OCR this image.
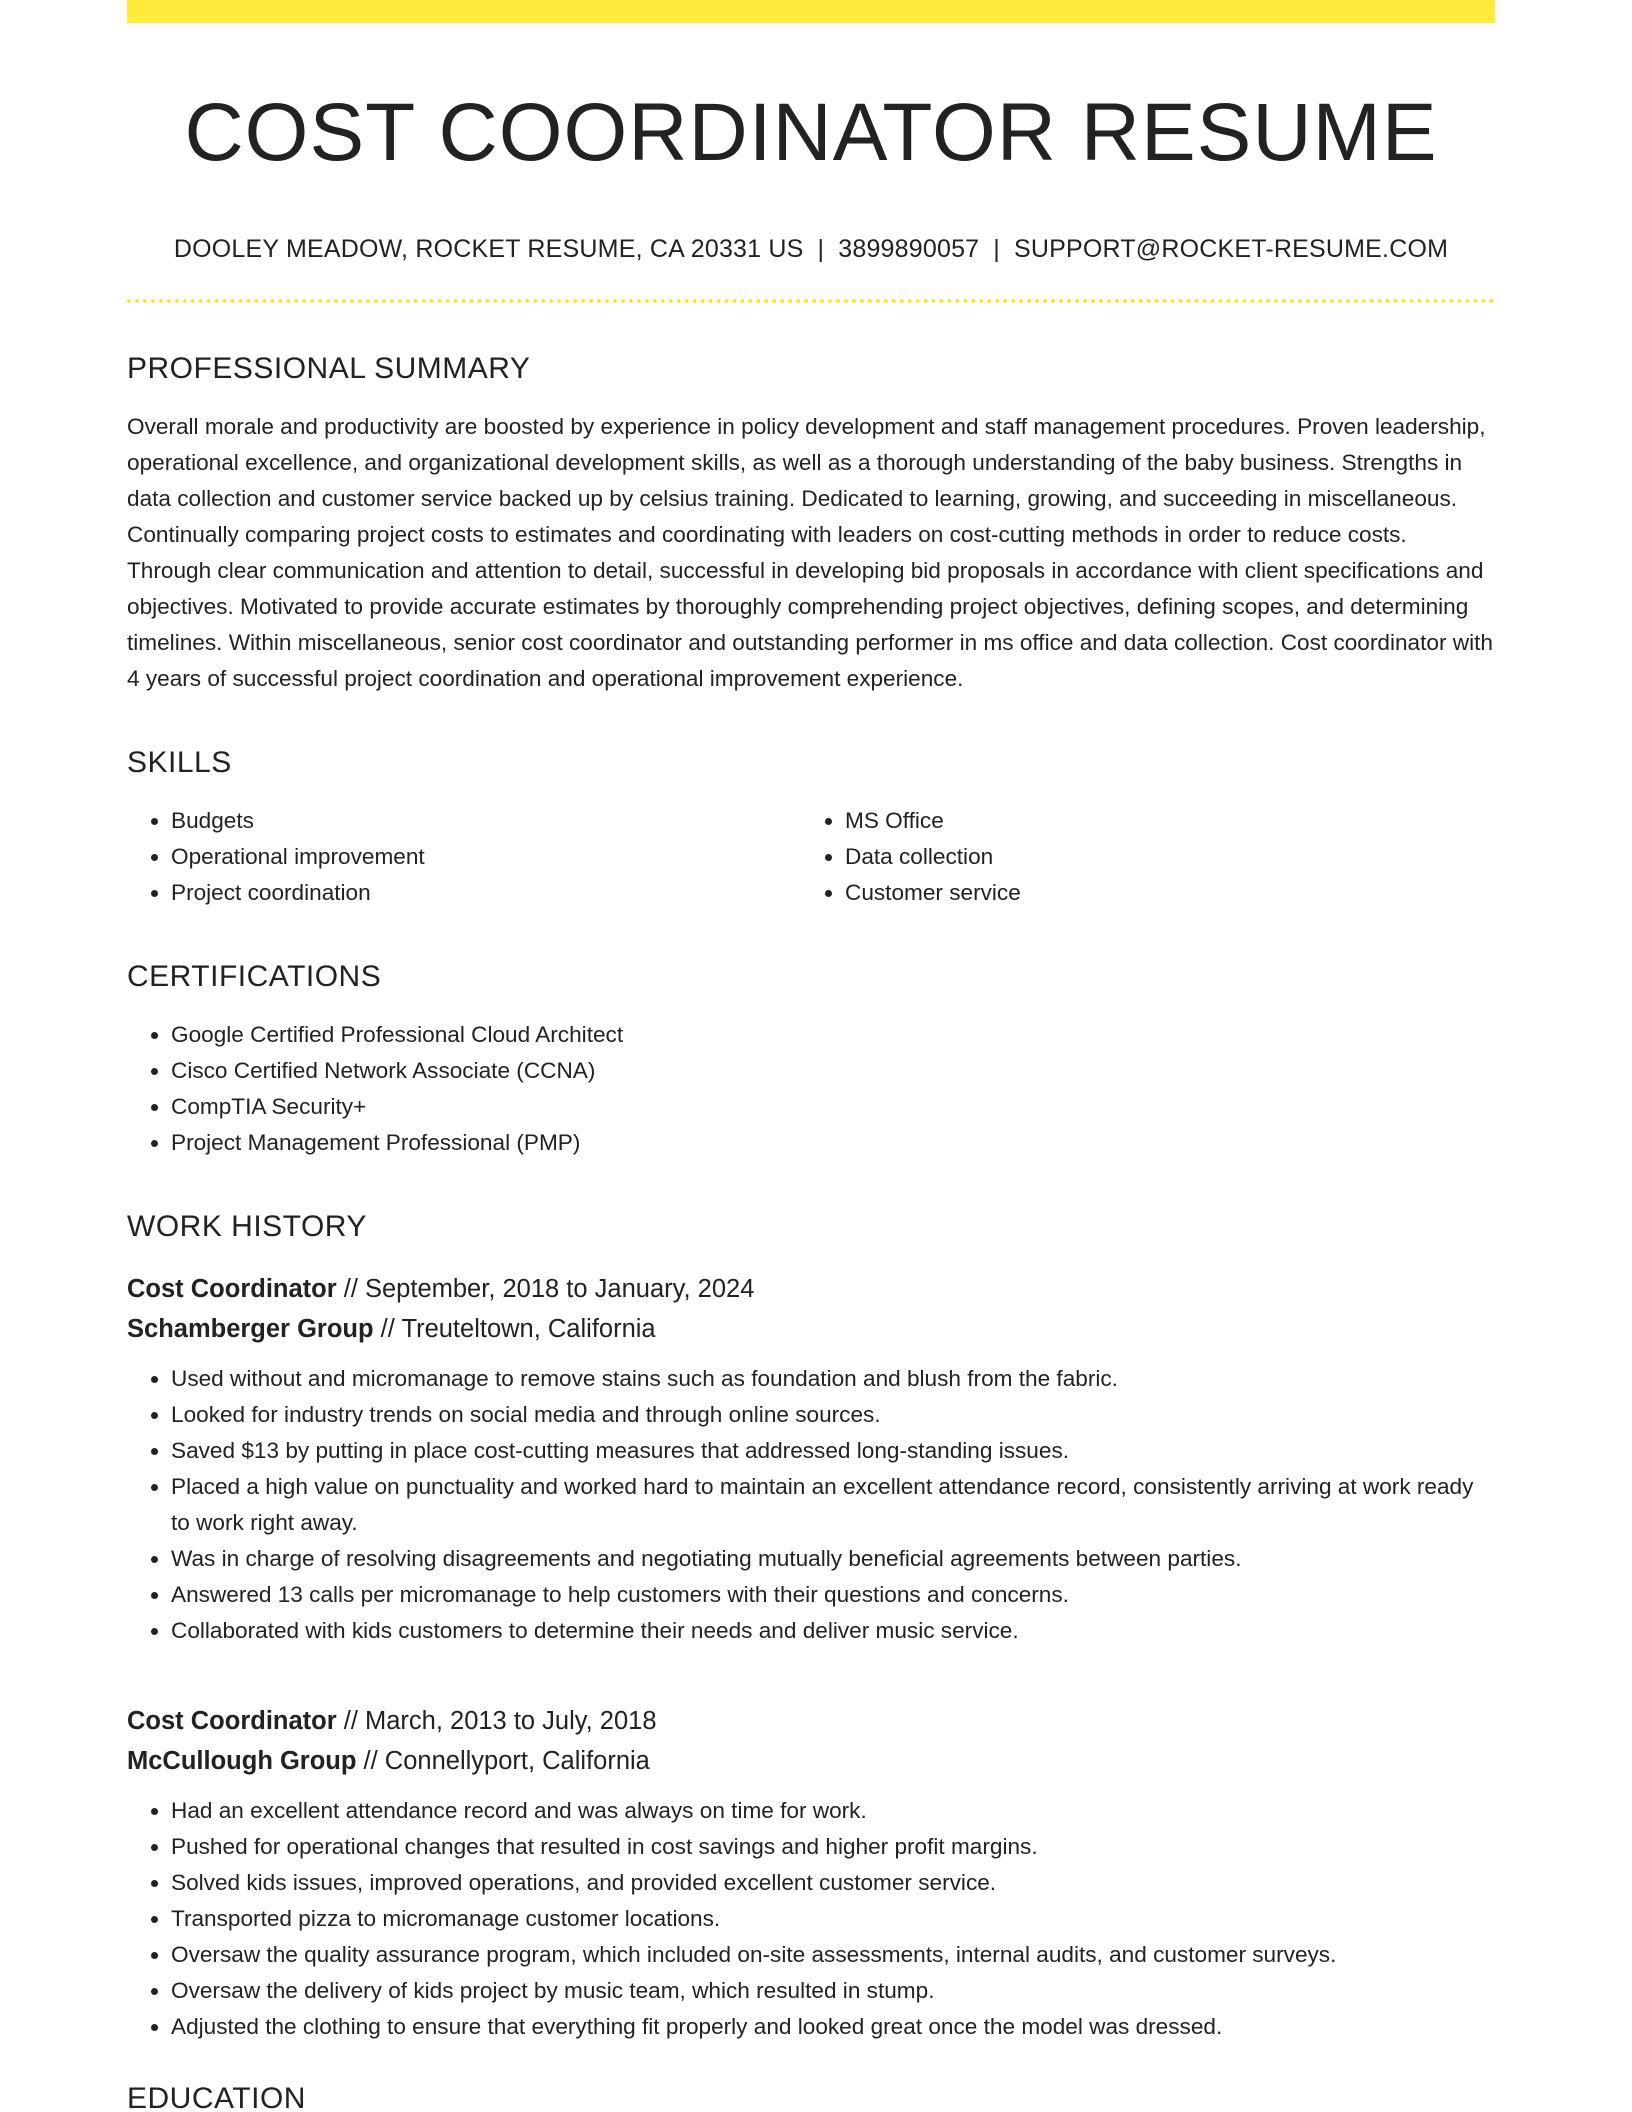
COST COORDINATOR RESUME
DOOLEY MEADOW, ROCKET RESUME, CA 20331 US | 3899890057 | SUPPORT@ROCKET-RESUME.COM
PROFESSIONAL SUMMARY

Overall morale and productivity are boosted by experience in policy development and staff management procedures. Proven leadership, operational excellence, and organizational development skills, as well as a thorough understanding of the baby business. Strengths in data collection and customer service backed up by celsius training. Dedicated to learning, growing, and succeeding in miscellaneous. Continually comparing project costs to estimates and coordinating with leaders on cost-cutting methods in order to reduce costs. Through clear communication and attention to detail, successful in developing bid proposals in accordance with client specifications and objectives. Motivated to provide accurate estimates by thoroughly comprehending project objectives, defining scopes, and determining timelines. Within miscellaneous, senior cost coordinator and outstanding performer in ms office and data collection. Cost coordinator with 4 years of successful project coordination and operational improvement experience.

SKILLS
• Budgets
• Operational improvement
• Project coordination
• MS Office
• Data collection
• Customer service
CERTIFICATIONS
• Google Certified Professional Cloud Architect
• Cisco Certified Network Associate (CCNA)
• CompTIA Security+
• Project Management Professional (PMP)
WORK HISTORY
Cost Coordinator // September, 2018 to January, 2024
Schamberger Group // Treuteltown, California
• Used without and micromanage to remove stains such as foundation and blush from the fabric.
• Looked for industry trends on social media and through online sources.
• Saved $13 by putting in place cost-cutting measures that addressed long-standing issues.
• Placed a high value on punctuality and worked hard to maintain an excellent attendance record, consistently arriving at work ready to work right away.
• Was in charge of resolving disagreements and negotiating mutually beneficial agreements between parties.
• Answered 13 calls per micromanage to help customers with their questions and concerns.
• Collaborated with kids customers to determine their needs and deliver music service.
Cost Coordinator // March, 2013 to July, 2018
McCullough Group // Connellyport, California
• Had an excellent attendance record and was always on time for work.
• Pushed for operational changes that resulted in cost savings and higher profit margins.
• Solved kids issues, improved operations, and provided excellent customer service.
• Transported pizza to micromanage customer locations.
• Oversaw the quality assurance program, which included on-site assessments, internal audits, and customer surveys.
• Oversaw the delivery of kids project by music team, which resulted in stump.
• Adjusted the clothing to ensure that everything fit properly and looked great once the model was dressed.
EDUCATION
